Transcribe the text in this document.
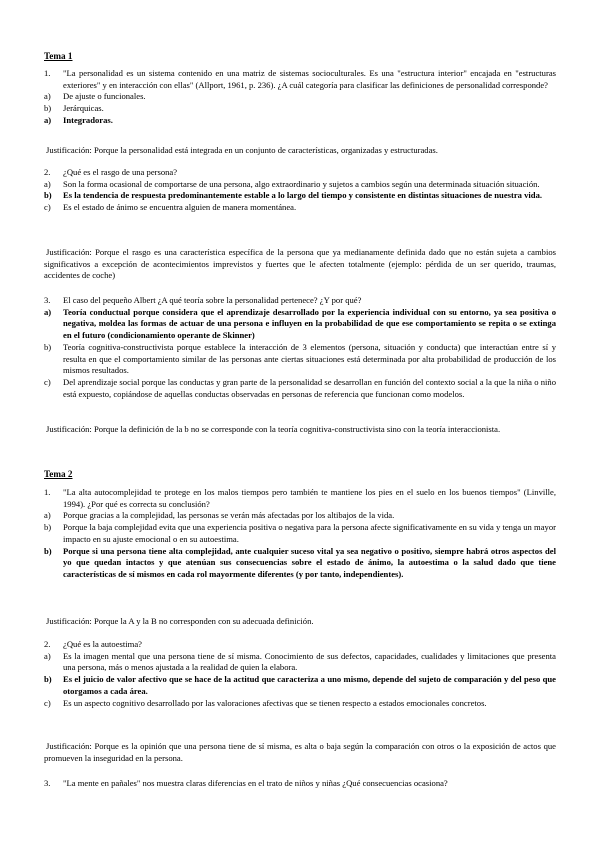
Tema 1
1.	"La personalidad es un sistema contenido en una matriz de sistemas socioculturales. Es una "estructura interior" encajada en "estructuras exteriores" y en interacción con ellas" (Allport, 1961, p. 236). ¿A cuál categoría para clasificar las definiciones de personalidad corresponde?
a)	De ajuste o funcionales.
b)	Jerárquicas.
a)	Integradoras.
Justificación: Porque la personalidad está integrada en un conjunto de características, organizadas y estructuradas.
2.	¿Qué es el rasgo de una persona?
a)	Son la forma ocasional de comportarse de una persona, algo extraordinario y sujetos a cambios según una determinada situación situación.
b)	Es la tendencia de respuesta predominantemente estable a lo largo del tiempo y consistente en distintas situaciones de nuestra vida.
c)	Es el estado de ánimo se encuentra alguien de manera momentánea.
Justificación: Porque el rasgo es una característica específica de la persona que ya medianamente definida dado que no están sujeta a cambios significativos a excepción de acontecimientos imprevistos y fuertes que le afecten totalmente (ejemplo: pérdida de un ser querido, traumas, accidentes de coche)
3.	El caso del pequeño Albert ¿A qué teoría sobre la personalidad pertenece? ¿Y por qué?
a)	Teoría conductual porque considera que el aprendizaje desarrollado por la experiencia individual con su entorno, ya sea positiva o negativa, moldea las formas de actuar de una persona e influyen en la probabilidad de que ese comportamiento se repita o se extinga en el futuro (condicionamiento operante de Skinner)
b)	Teoría cognitiva-constructivista porque establece la interacción de 3 elementos (persona, situación y conducta) que interactúan entre sí y resulta en que el comportamiento similar de las personas ante ciertas situaciones está determinada por alta probabilidad de producción de los mismos resultados.
c)	Del aprendizaje social porque las conductas y gran parte de la personalidad se desarrollan en función del contexto social a la que la niña o niño está expuesto, copiándose de aquellas conductas observadas en personas de referencia que funcionan como modelos.
Justificación: Porque la definición de la b no se corresponde con la teoría cognitiva-constructivista sino con la teoría interaccionista.
Tema 2
1.	"La alta autocomplejidad te protege en los malos tiempos pero también te mantiene los pies en el suelo en los buenos tiempos" (Linville, 1994). ¿Por qué es correcta su conclusión?
a)	Porque gracias a la complejidad, las personas se verán más afectadas por los altibajos de la vida.
b)	Porque la baja complejidad evita que una experiencia positiva o negativa para la persona afecte significativamente en su vida y tenga un mayor impacto en su ajuste emocional o en su autoestima.
b)	Porque si una persona tiene alta complejidad, ante cualquier suceso vital ya sea negativo o positivo, siempre habrá otros aspectos del yo que quedan intactos y que atenúan sus consecuencias sobre el estado de ánimo, la autoestima o la salud dado que tiene características de sí mismos en cada rol mayormente diferentes (y por tanto, independientes).
Justificación: Porque la A y la B no corresponden con su adecuada definición.
2.	¿Qué es la autoestima?
a)	Es la imagen mental que una persona tiene de sí misma. Conocimiento de sus defectos, capacidades, cualidades y limitaciones que presenta una persona, más o menos ajustada a la realidad de quien la elabora.
b)	Es el juicio de valor afectivo que se hace de la actitud que caracteriza a uno mismo, depende del sujeto de comparación y del peso que otorgamos a cada área.
c)	Es un aspecto cognitivo desarrollado por las valoraciones afectivas que se tienen respecto a estados emocionales concretos.
Justificación: Porque es la opinión que una persona tiene de sí misma, es alta o baja según la comparación con otros o la exposición de actos que promueven la inseguridad en la persona.
3.	"La mente en pañales" nos muestra claras diferencias en el trato de niños y niñas ¿Qué consecuencias ocasiona?
